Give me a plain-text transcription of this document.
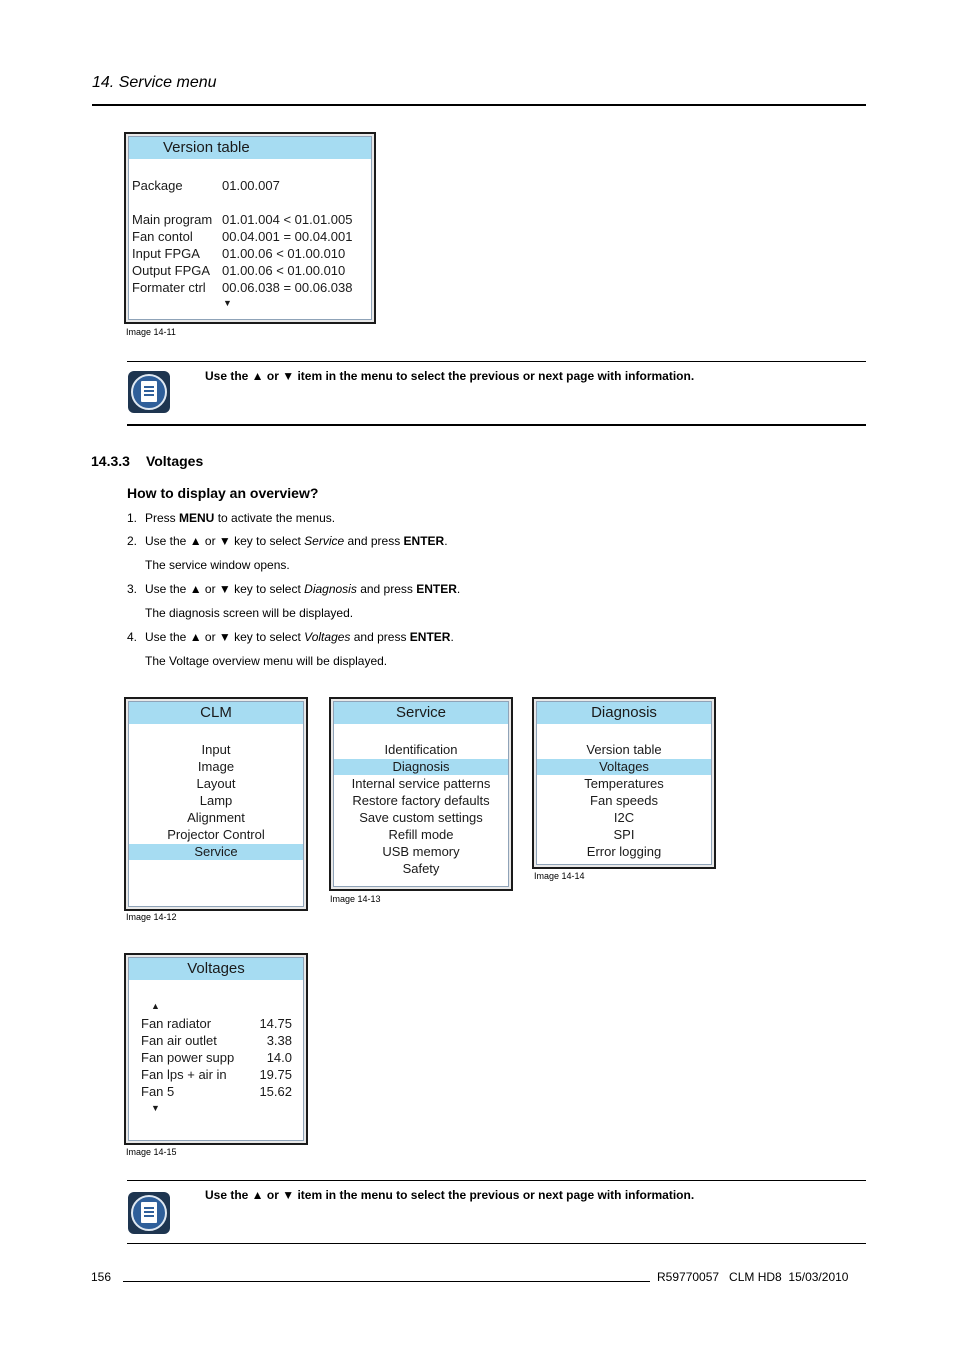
14. Service menu
Version table
Package	01.00.007
Main program 01.01.004 < 01.01.005
Fan contol 00.04.001 = 00.04.001
Input FPGA 01.00.06 < 01.00.010
Output FPGA 01.00.06 < 01.00.010
Formater ctrl 00.06.038 = 00.06.038
▼
Image 14-11
Use the ▲ or ▼ item in the menu to select the previous or next page with information.
14.3.3 Voltages
How to display an overview?
1. Press MENU to activate the menus.
2. Use the ▲ or ▼ key to select Service and press ENTER.
The service window opens.
3. Use the ▲ or ▼ key to select Diagnosis and press ENTER.
The diagnosis screen will be displayed.
4. Use the ▲ or ▼ key to select Voltages and press ENTER.
The Voltage overview menu will be displayed.
CLM
Input
Image
Layout
Lamp
Alignment
Projector Control
Service
Image 14-12
Service
Identification
Diagnosis
Internal service patterns
Restore factory defaults
Save custom settings
Refill mode
USB memory
Safety
Image 14-13
Diagnosis
Version table
Voltages
Temperatures
Fan speeds
I2C
SPI
Error logging
Image 14-14
Voltages
▲
Fan radiator	14.75
Fan air outlet	3.38
Fan power supp	14.0
Fan lps + air in	19.75
Fan 5	15.62
▼
Image 14-15
Use the ▲ or ▼ item in the menu to select the previous or next page with information.
156	R59770057   CLM HD8  15/03/2010
